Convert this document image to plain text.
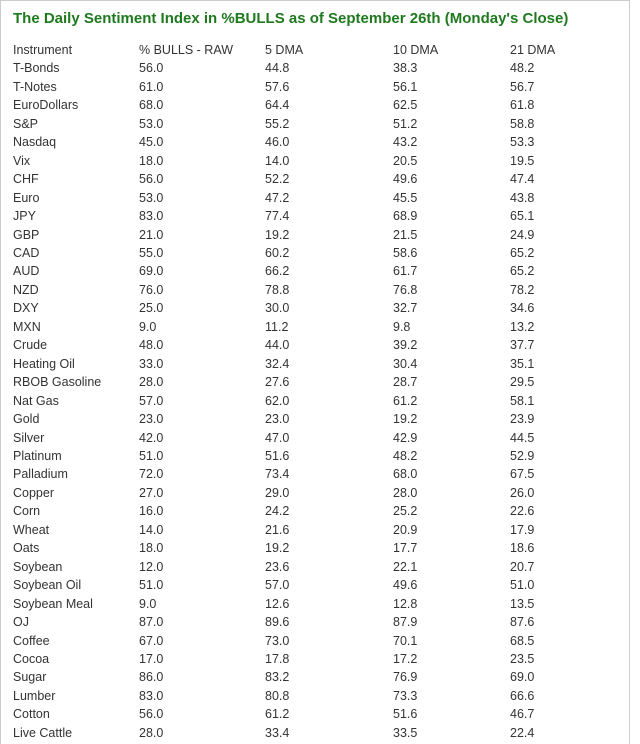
The Daily Sentiment Index in %BULLS as of September 26th (Monday's Close)
Instrument	% BULLS - RAW	5 DMA	10 DMA	21 DMA
T-Bonds	56.0	44.8	38.3	48.2
T-Notes	61.0	57.6	56.1	56.7
EuroDollars	68.0	64.4	62.5	61.8
S&P	53.0	55.2	51.2	58.8
Nasdaq	45.0	46.0	43.2	53.3
Vix	18.0	14.0	20.5	19.5
CHF	56.0	52.2	49.6	47.4
Euro	53.0	47.2	45.5	43.8
JPY	83.0	77.4	68.9	65.1
GBP	21.0	19.2	21.5	24.9
CAD	55.0	60.2	58.6	65.2
AUD	69.0	66.2	61.7	65.2
NZD	76.0	78.8	76.8	78.2
DXY	25.0	30.0	32.7	34.6
MXN	9.0	11.2	9.8	13.2
Crude	48.0	44.0	39.2	37.7
Heating Oil	33.0	32.4	30.4	35.1
RBOB Gasoline	28.0	27.6	28.7	29.5
Nat Gas	57.0	62.0	61.2	58.1
Gold	23.0	23.0	19.2	23.9
Silver	42.0	47.0	42.9	44.5
Platinum	51.0	51.6	48.2	52.9
Palladium	72.0	73.4	68.0	67.5
Copper	27.0	29.0	28.0	26.0
Corn	16.0	24.2	25.2	22.6
Wheat	14.0	21.6	20.9	17.9
Oats	18.0	19.2	17.7	18.6
Soybean	12.0	23.6	22.1	20.7
Soybean Oil	51.0	57.0	49.6	51.0
Soybean Meal	9.0	12.6	12.8	13.5
OJ	87.0	89.6	87.9	87.6
Coffee	67.0	73.0	70.1	68.5
Cocoa	17.0	17.8	17.2	23.5
Sugar	86.0	83.2	76.9	69.0
Lumber	83.0	80.8	73.3	66.6
Cotton	56.0	61.2	51.6	46.7
Live Cattle	28.0	33.4	33.5	22.4
